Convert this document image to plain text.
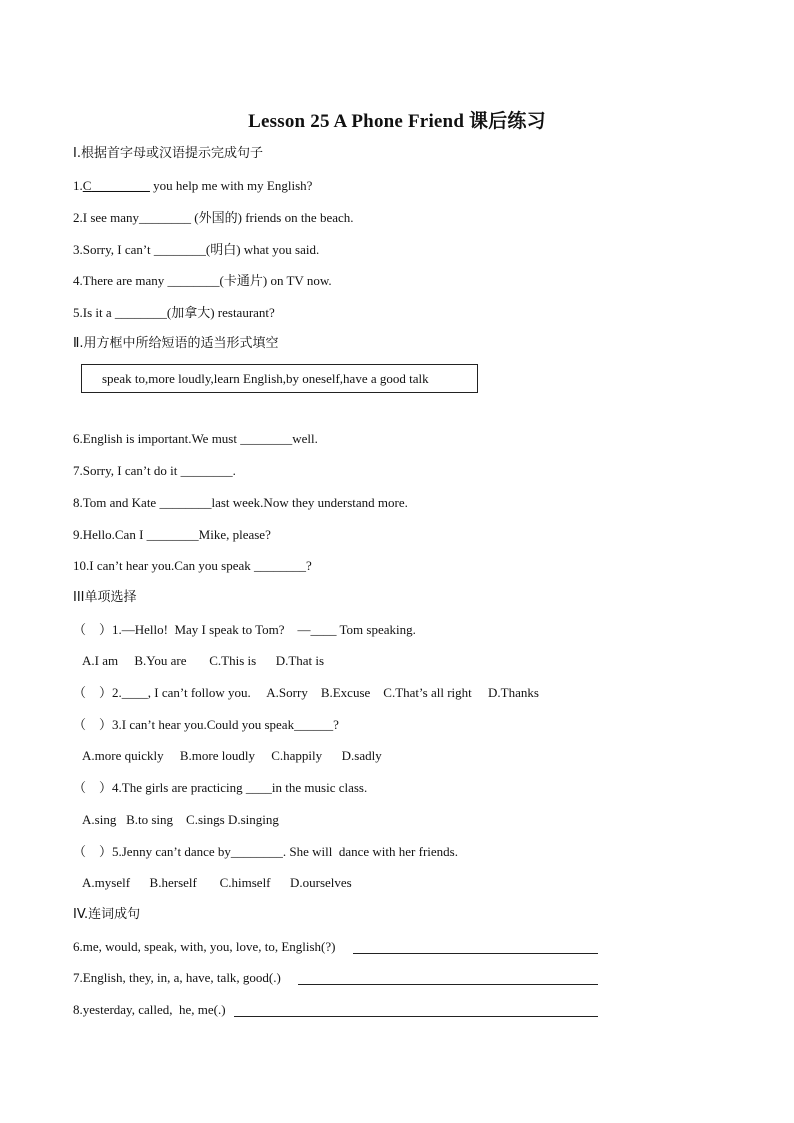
Lesson 25 A Phone Friend 课后练习
Ⅰ.根据首字母或汉语提示完成句子
1.C_________ you help me with my English?
2.I see many________ (外国的) friends on the beach.
3.Sorry, I can’t ________(明白) what you said.
4.There are many ________(卡通片) on TV now.
5.Is it a ________(加拿大) restaurant?
Ⅱ.用方框中所给短语的适当形式填空
speak to,more loudly,learn English,by oneself,have a good talk
6.English is important.We must ________well.
7.Sorry, I can’t do it ________.
8.Tom and Kate ________last week.Now they understand more.
9.Hello.Can I ________Mike, please?
10.I can’t hear you.Can you speak ________?
III单项选择
（    ）1.—Hello!  May I speak to Tom?    —____ Tom speaking.
A.I am     B.You are       C.This is      D.That is
（    ）2.____, I can’t follow you.     A.Sorry    B.Excuse    C.That’s all right     D.Thanks
（    ）3.I can’t hear you.Could you speak______?
A.more quickly     B.more loudly     C.happily      D.sadly
（    ）4.The girls are practicing ____in the music class.
A.sing   B.to sing    C.sings D.singing
（    ）5.Jenny can’t dance by________. She will  dance with her friends.
A.myself      B.herself       C.himself      D.ourselves
IV.连词成句
6.me, would, speak, with, you, love, to, English(?)
7.English, they, in, a, have, talk, good(.)
8.yesterday, called,  he, me(.)
